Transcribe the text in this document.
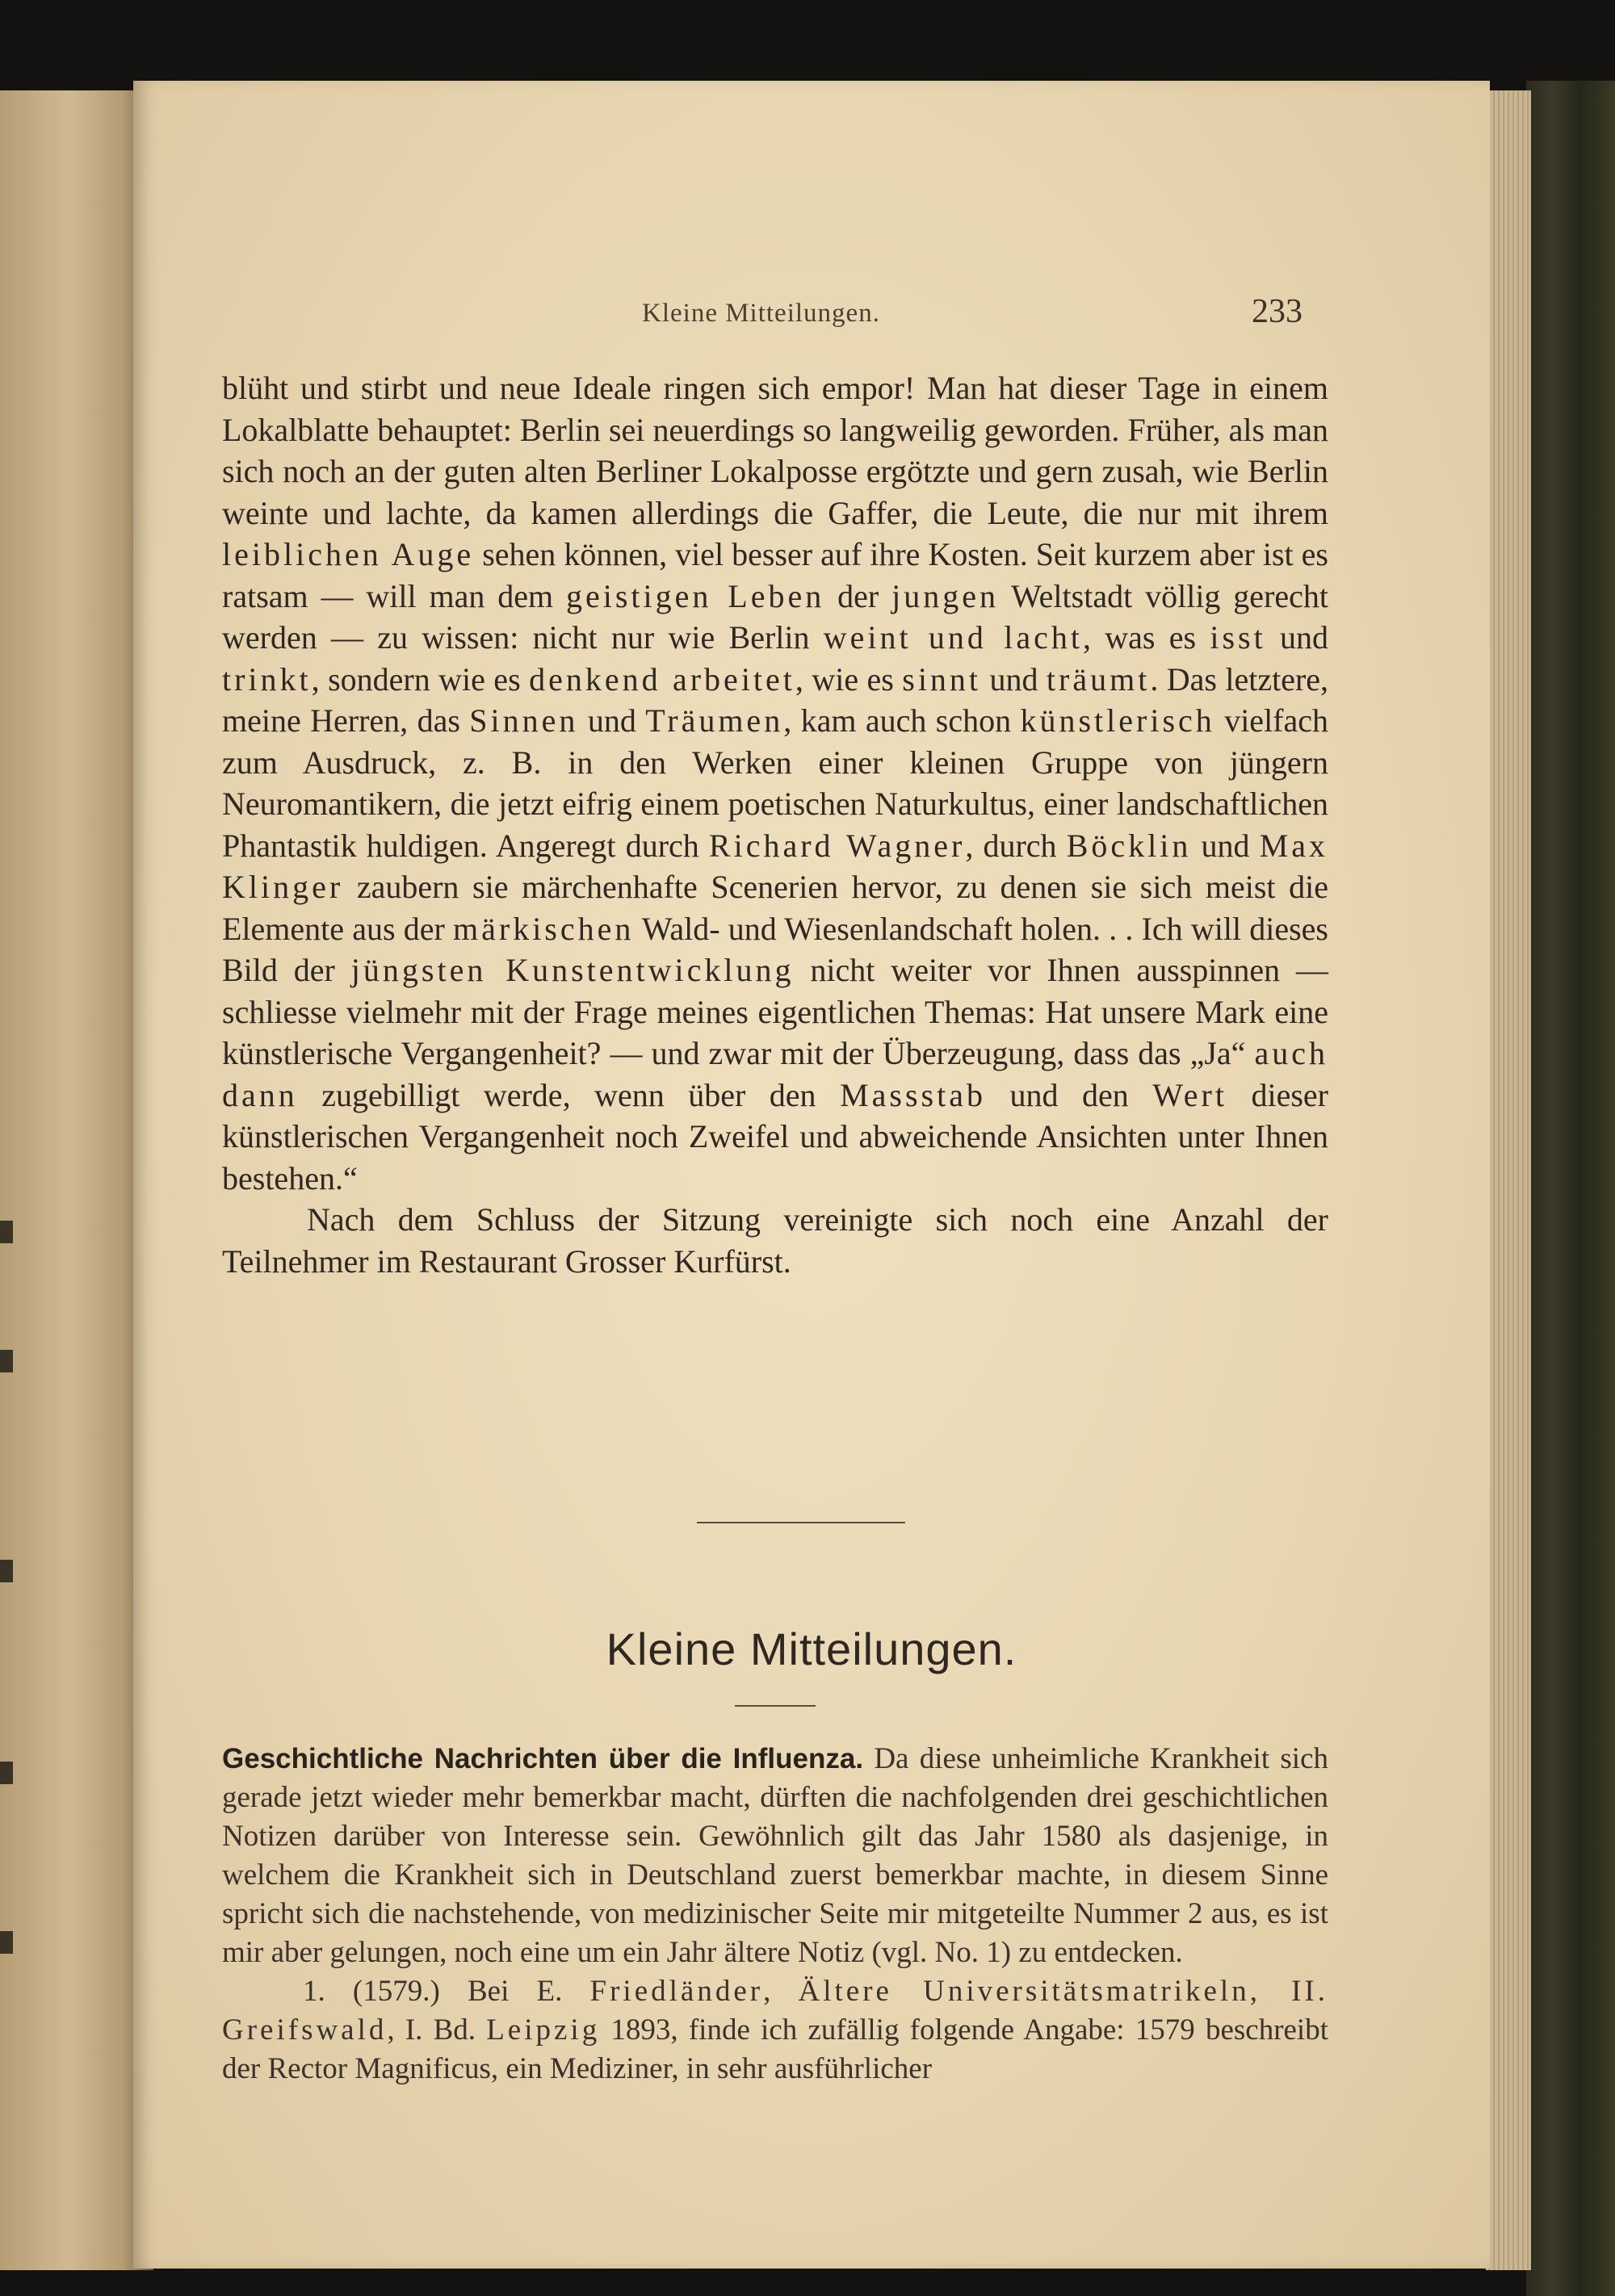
Kleine Mitteilungen.	233

blüht und stirbt und neue Ideale ringen sich empor! Man hat dieser Tage in einem Lokalblatte behauptet: Berlin sei neuerdings so langweilig geworden. Früher, als man sich noch an der guten alten Berliner Lokalposse ergötzte und gern zusah, wie Berlin weinte und lachte, da kamen allerdings die Gaffer, die Leute, die nur mit ihrem leiblichen Auge sehen können, viel besser auf ihre Kosten. Seit kurzem aber ist es ratsam — will man dem geistigen Leben der jungen Weltstadt völlig gerecht werden — zu wissen: nicht nur wie Berlin weint und lacht, was es isst und trinkt, sondern wie es denkend arbeitet, wie es sinnt und träumt. Das letztere, meine Herren, das Sinnen und Träumen, kam auch schon künstlerisch vielfach zum Ausdruck, z. B. in den Werken einer kleinen Gruppe von jüngern Neuromantikern, die jetzt eifrig einem poetischen Naturkultus, einer landschaftlichen Phantastik huldigen. Angeregt durch Richard Wagner, durch Böcklin und Max Klinger zaubern sie märchenhafte Scenerien hervor, zu denen sie sich meist die Elemente aus der märkischen Wald- und Wiesenlandschaft holen. . . Ich will dieses Bild der jüngsten Kunstentwicklung nicht weiter vor Ihnen ausspinnen — schliesse vielmehr mit der Frage meines eigentlichen Themas: Hat unsere Mark eine künstlerische Vergangenheit? — und zwar mit der Überzeugung, dass das „Ja“ auch dann zugebilligt werde, wenn über den Massstab und den Wert dieser künstlerischen Vergangenheit noch Zweifel und abweichende Ansichten unter Ihnen bestehen.“

Nach dem Schluss der Sitzung vereinigte sich noch eine Anzahl der Teilnehmer im Restaurant Grosser Kurfürst.

Kleine Mitteilungen.

Geschichtliche Nachrichten über die Influenza. Da diese unheimliche Krankheit sich gerade jetzt wieder mehr bemerkbar macht, dürften die nachfolgenden drei geschichtlichen Notizen darüber von Interesse sein. Gewöhnlich gilt das Jahr 1580 als dasjenige, in welchem die Krankheit sich in Deutschland zuerst bemerkbar machte, in diesem Sinne spricht sich die nachstehende, von medizinischer Seite mir mitgeteilte Nummer 2 aus, es ist mir aber gelungen, noch eine um ein Jahr ältere Notiz (vgl. No. 1) zu entdecken.

1. (1579.) Bei E. Friedländer, Ältere Universitätsmatrikeln, II. Greifswald, I. Bd. Leipzig 1893, finde ich zufällig folgende Angabe: 1579 beschreibt der Rector Magnificus, ein Mediziner, in sehr ausführlicher
